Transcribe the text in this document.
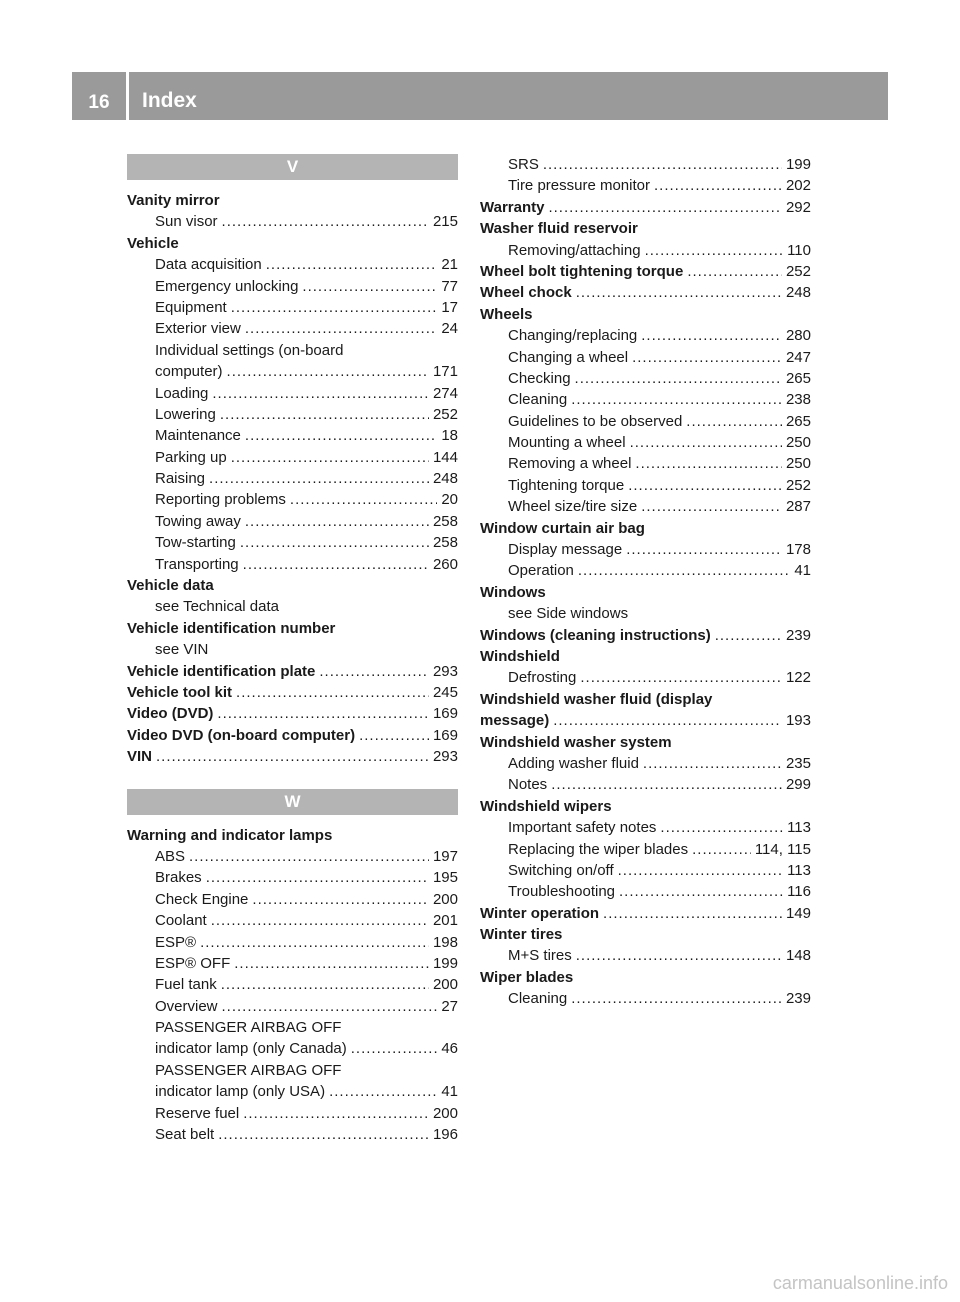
16	Index
V
Vanity mirror
Sun visor .....	215
Vehicle
Data acquisition .....	21
Emergency unlocking .....	77
Equipment .....	17
Exterior view .....	24
Individual settings (on-board
computer) .....	171
Loading .....	274
Lowering .....	252
Maintenance .....	18
Parking up .....	144
Raising .....	248
Reporting problems .....	20
Towing away .....	258
Tow-starting .....	258
Transporting .....	260
Vehicle data
see Technical data
Vehicle identification number
see VIN
Vehicle identification plate .....	293
Vehicle tool kit .....	245
Video (DVD) .....	169
Video DVD (on-board computer) .....	169
VIN .....	293
W
Warning and indicator lamps
ABS .....	197
Brakes .....	195
Check Engine .....	200
Coolant .....	201
ESP® .....	198
ESP® OFF .....	199
Fuel tank .....	200
Overview .....	27
PASSENGER AIRBAG OFF
indicator lamp (only Canada) .....	46
PASSENGER AIRBAG OFF
indicator lamp (only USA) .....	41
Reserve fuel .....	200
Seat belt .....	196
SRS .....	199
Tire pressure monitor .....	202
Warranty .....	292
Washer fluid reservoir
Removing/attaching .....	110
Wheel bolt tightening torque .....	252
Wheel chock .....	248
Wheels
Changing/replacing .....	280
Changing a wheel .....	247
Checking .....	265
Cleaning .....	238
Guidelines to be observed .....	265
Mounting a wheel .....	250
Removing a wheel .....	250
Tightening torque .....	252
Wheel size/tire size .....	287
Window curtain air bag
Display message .....	178
Operation .....	41
Windows
see Side windows
Windows (cleaning instructions) .....	239
Windshield
Defrosting .....	122
Windshield washer fluid (display
message) .....	193
Windshield washer system
Adding washer fluid .....	235
Notes .....	299
Windshield wipers
Important safety notes .....	113
Replacing the wiper blades .....	114, 115
Switching on/off .....	113
Troubleshooting .....	116
Winter operation .....	149
Winter tires
M+S tires .....	148
Wiper blades
Cleaning .....	239
carmanualsonline.info
